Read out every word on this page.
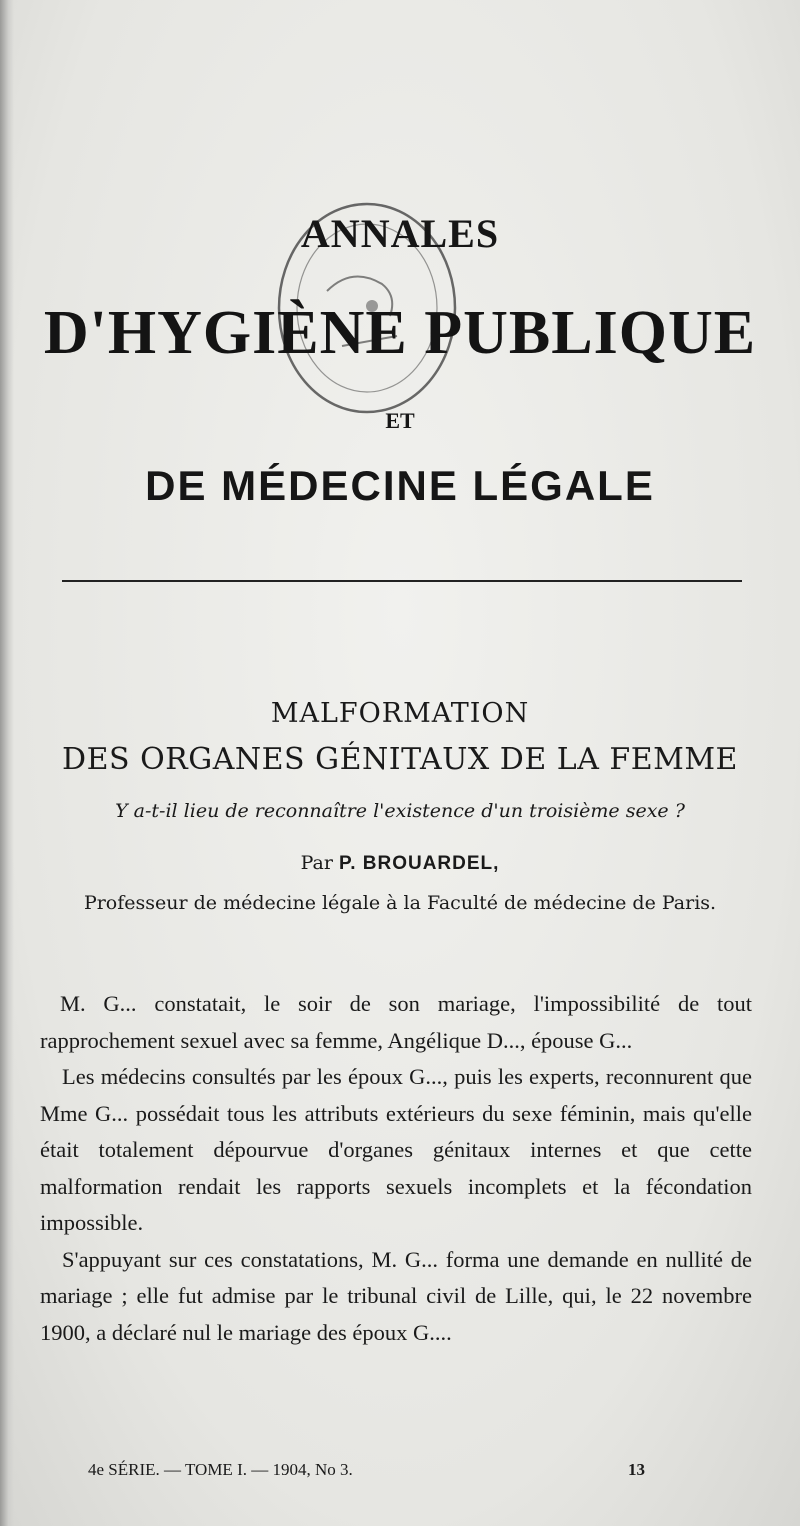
ANNALES
D'HYGIÈNE PUBLIQUE
ET
DE MÉDECINE LÉGALE
MALFORMATION
DES ORGANES GÉNITAUX DE LA FEMME
Y a-t-il lieu de reconnaître l'existence d'un troisième sexe ?
Par P. BROUARDEL,
Professeur de médecine légale à la Faculté de médecine de Paris.

M. G... constatait, le soir de son mariage, l'impossibilité de tout rapprochement sexuel avec sa femme, Angélique D..., épouse G...

Les médecins consultés par les époux G..., puis les experts, reconnurent que Mme G... possédait tous les attributs extérieurs du sexe féminin, mais qu'elle était totalement dépourvue d'organes génitaux internes et que cette malformation rendait les rapports sexuels incomplets et la fécondation impossible.

S'appuyant sur ces constatations, M. G... forma une demande en nullité de mariage ; elle fut admise par le tribunal civil de Lille, qui, le 22 novembre 1900, a déclaré nul le mariage des époux G....

4e SÉRIE. — TOME I. — 1904, No 3.	13
